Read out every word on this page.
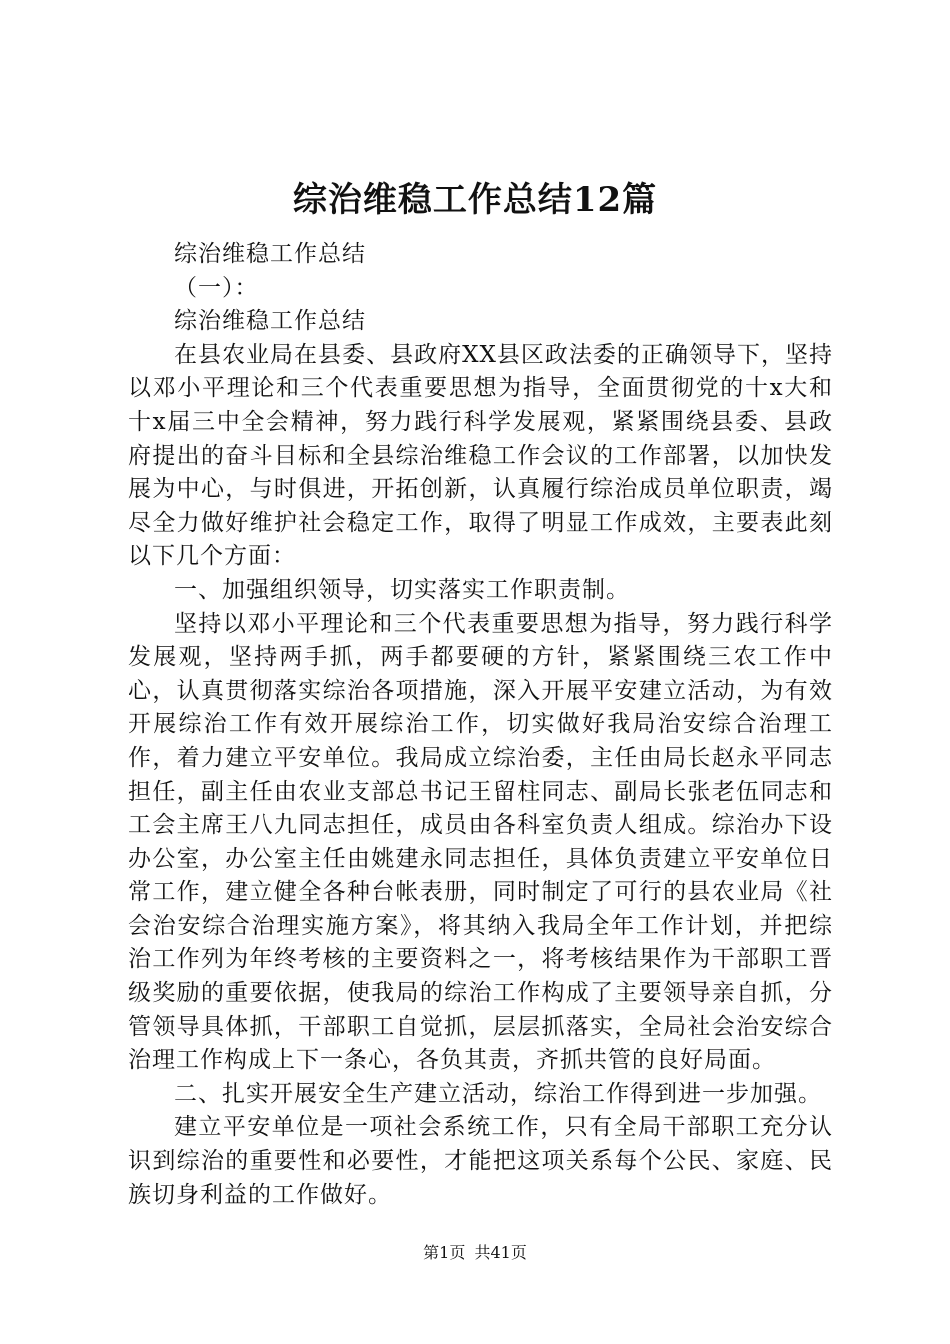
综治维稳工作总结12篇

综治维稳工作总结

（一）：

综治维稳工作总结

在县农业局在县委、县政府XX县区政法委的正确领导下，坚持以邓小平理论和三个代表重要思想为指导，全面贯彻党的十x大和十x届三中全会精神，努力践行科学发展观，紧紧围绕县委、县政府提出的奋斗目标和全县综治维稳工作会议的工作部署，以加快发展为中心，与时俱进，开拓创新，认真履行综治成员单位职责，竭尽全力做好维护社会稳定工作，取得了明显工作成效，主要表此刻以下几个方面：

一、加强组织领导，切实落实工作职责制。

坚持以邓小平理论和三个代表重要思想为指导，努力践行科学发展观，坚持两手抓，两手都要硬的方针，紧紧围绕三农工作中心，认真贯彻落实综治各项措施，深入开展平安建立活动，为有效开展综治工作有效开展综治工作，切实做好我局治安综合治理工作，着力建立平安单位。我局成立综治委，主任由局长赵永平同志担任，副主任由农业支部总书记王留柱同志、副局长张老伍同志和工会主席王八九同志担任，成员由各科室负责人组成。综治办下设办公室，办公室主任由姚建永同志担任，具体负责建立平安单位日常工作，建立健全各种台帐表册，同时制定了可行的县农业局《社会治安综合治理实施方案》，将其纳入我局全年工作计划，并把综治工作列为年终考核的主要资料之一，将考核结果作为干部职工晋级奖励的重要依据，使我局的综治工作构成了主要领导亲自抓，分管领导具体抓，干部职工自觉抓，层层抓落实，全局社会治安综合治理工作构成上下一条心，各负其责，齐抓共管的良好局面。

二、扎实开展安全生产建立活动，综治工作得到进一步加强。

建立平安单位是一项社会系统工作，只有全局干部职工充分认识到综治的重要性和必要性，才能把这项关系每个公民、家庭、民族切身利益的工作做好。

第1页 共41页
